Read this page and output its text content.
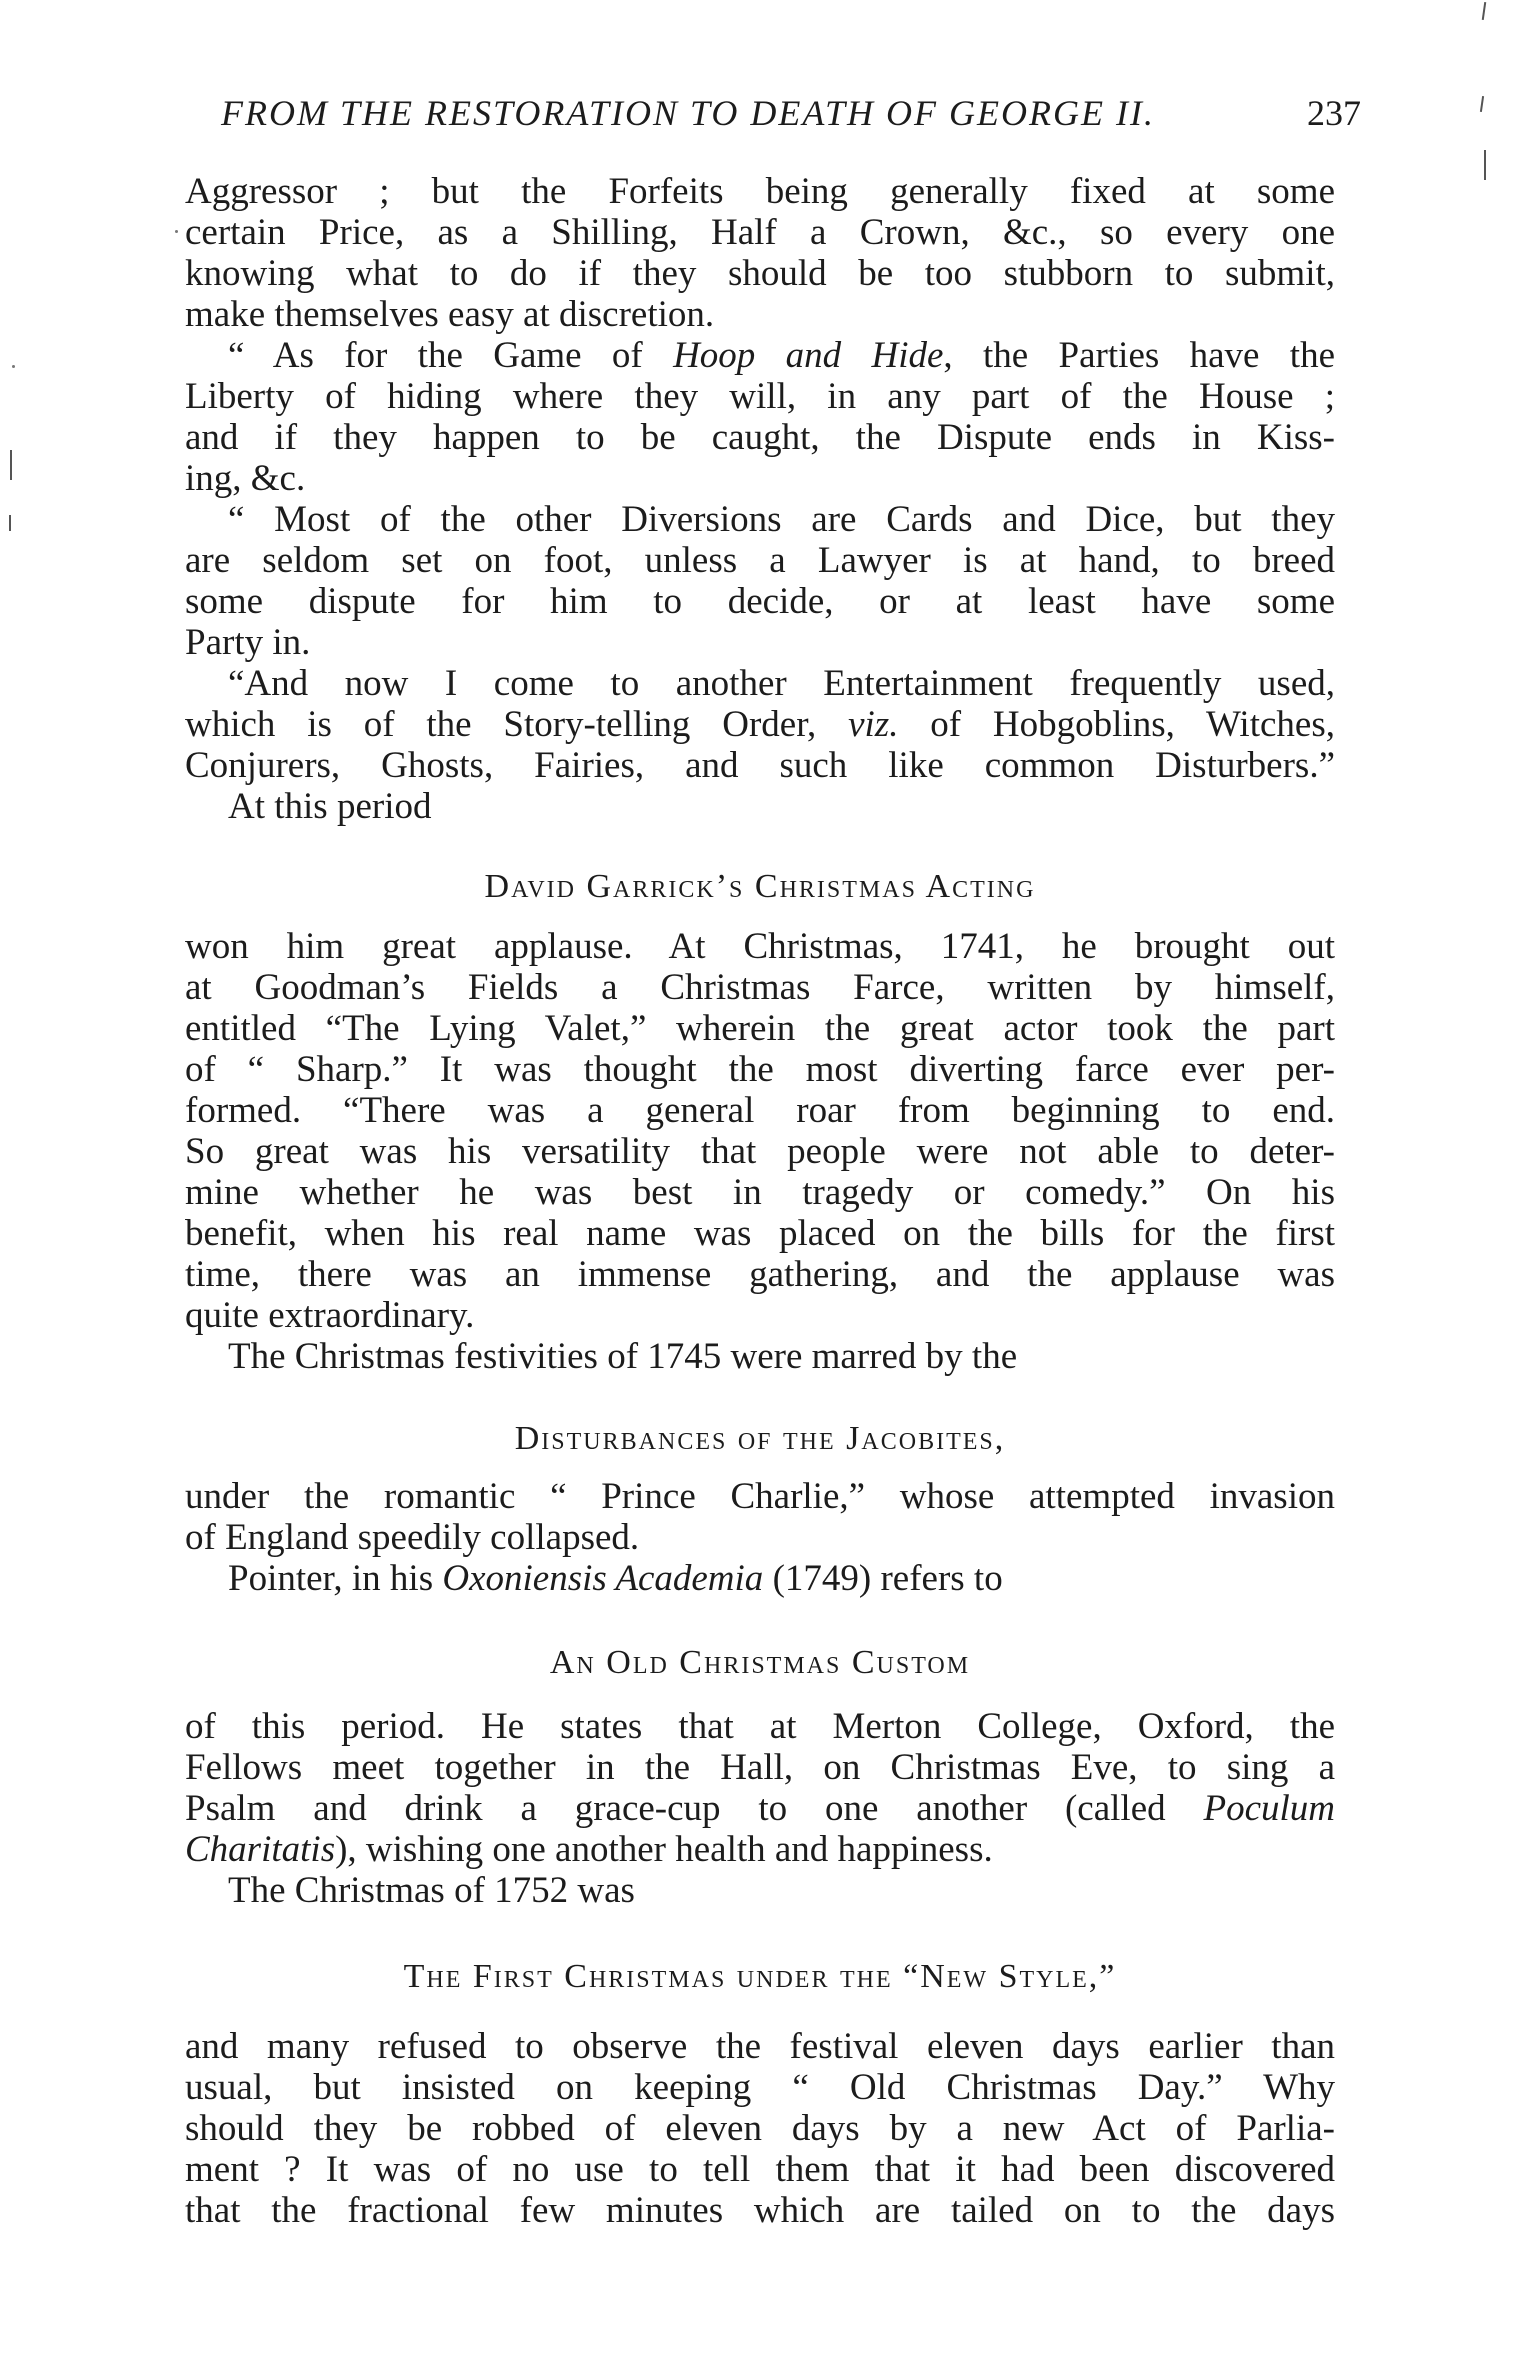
FROM THE RESTORATION TO DEATH OF GEORGE II.	237
Aggressor ; but the Forfeits being generally fixed at some
certain Price, as a Shilling, Half a Crown, &c., so every one
knowing what to do if they should be too stubborn to submit,
make themselves easy at discretion.
“ As for the Game of Hoop and Hide, the Parties have the
Liberty of hiding where they will, in any part of the House ;
and if they happen to be caught, the Dispute ends in Kiss-
ing, &c.
“ Most of the other Diversions are Cards and Dice, but they
are seldom set on foot, unless a Lawyer is at hand, to breed
some dispute for him to decide, or at least have some
Party in.
“And now I come to another Entertainment frequently used,
which is of the Story-telling Order, viz. of Hobgoblins, Witches,
Conjurers, Ghosts, Fairies, and such like common Disturbers.”
At this period
David Garrick’s Christmas Acting
won him great applause. At Christmas, 1741, he brought out
at Goodman’s Fields a Christmas Farce, written by himself,
entitled “The Lying Valet,” wherein the great actor took the part
of “ Sharp.” It was thought the most diverting farce ever per-
formed. “There was a general roar from beginning to end.
So great was his versatility that people were not able to deter-
mine whether he was best in tragedy or comedy.” On his
benefit, when his real name was placed on the bills for the first
time, there was an immense gathering, and the applause was
quite extraordinary.
The Christmas festivities of 1745 were marred by the
Disturbances of the Jacobites,
under the romantic “ Prince Charlie,” whose attempted invasion
of England speedily collapsed.
Pointer, in his Oxoniensis Academia (1749) refers to
An Old Christmas Custom
of this period. He states that at Merton College, Oxford, the
Fellows meet together in the Hall, on Christmas Eve, to sing a
Psalm and drink a grace-cup to one another (called Poculum
Charitatis), wishing one another health and happiness.
The Christmas of 1752 was
The First Christmas under the “New Style,”
and many refused to observe the festival eleven days earlier than
usual, but insisted on keeping “ Old Christmas Day.” Why
should they be robbed of eleven days by a new Act of Parlia-
ment ? It was of no use to tell them that it had been discovered
that the fractional few minutes which are tailed on to the days
